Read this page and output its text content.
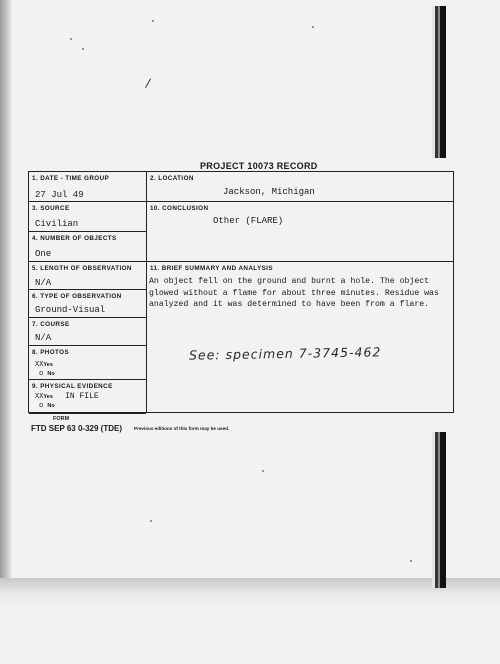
/
PROJECT 10073 RECORD
1. DATE - TIME GROUP
27 Jul 49
3. SOURCE
Civilian
4. NUMBER OF OBJECTS
One
5. LENGTH OF OBSERVATION
N/A
6. TYPE OF OBSERVATION
Ground-Visual
7. COURSE
N/A
8. PHOTOS
XXYes
o No
9. PHYSICAL EVIDENCE
XXYes IN FILE
o No
2. LOCATION
Jackson, Michigan
10. CONCLUSION
Other (FLARE)
11. BRIEF SUMMARY AND ANALYSIS
An object fell on the ground and burnt a hole. The object glowed without a flame for about three minutes. Residue was analyzed and it was determined to have been from a flare.
See: specimen 7-3745-462
FORM
FTD SEP 63 0-329 (TDE)	Previous editions of this form may be used.
